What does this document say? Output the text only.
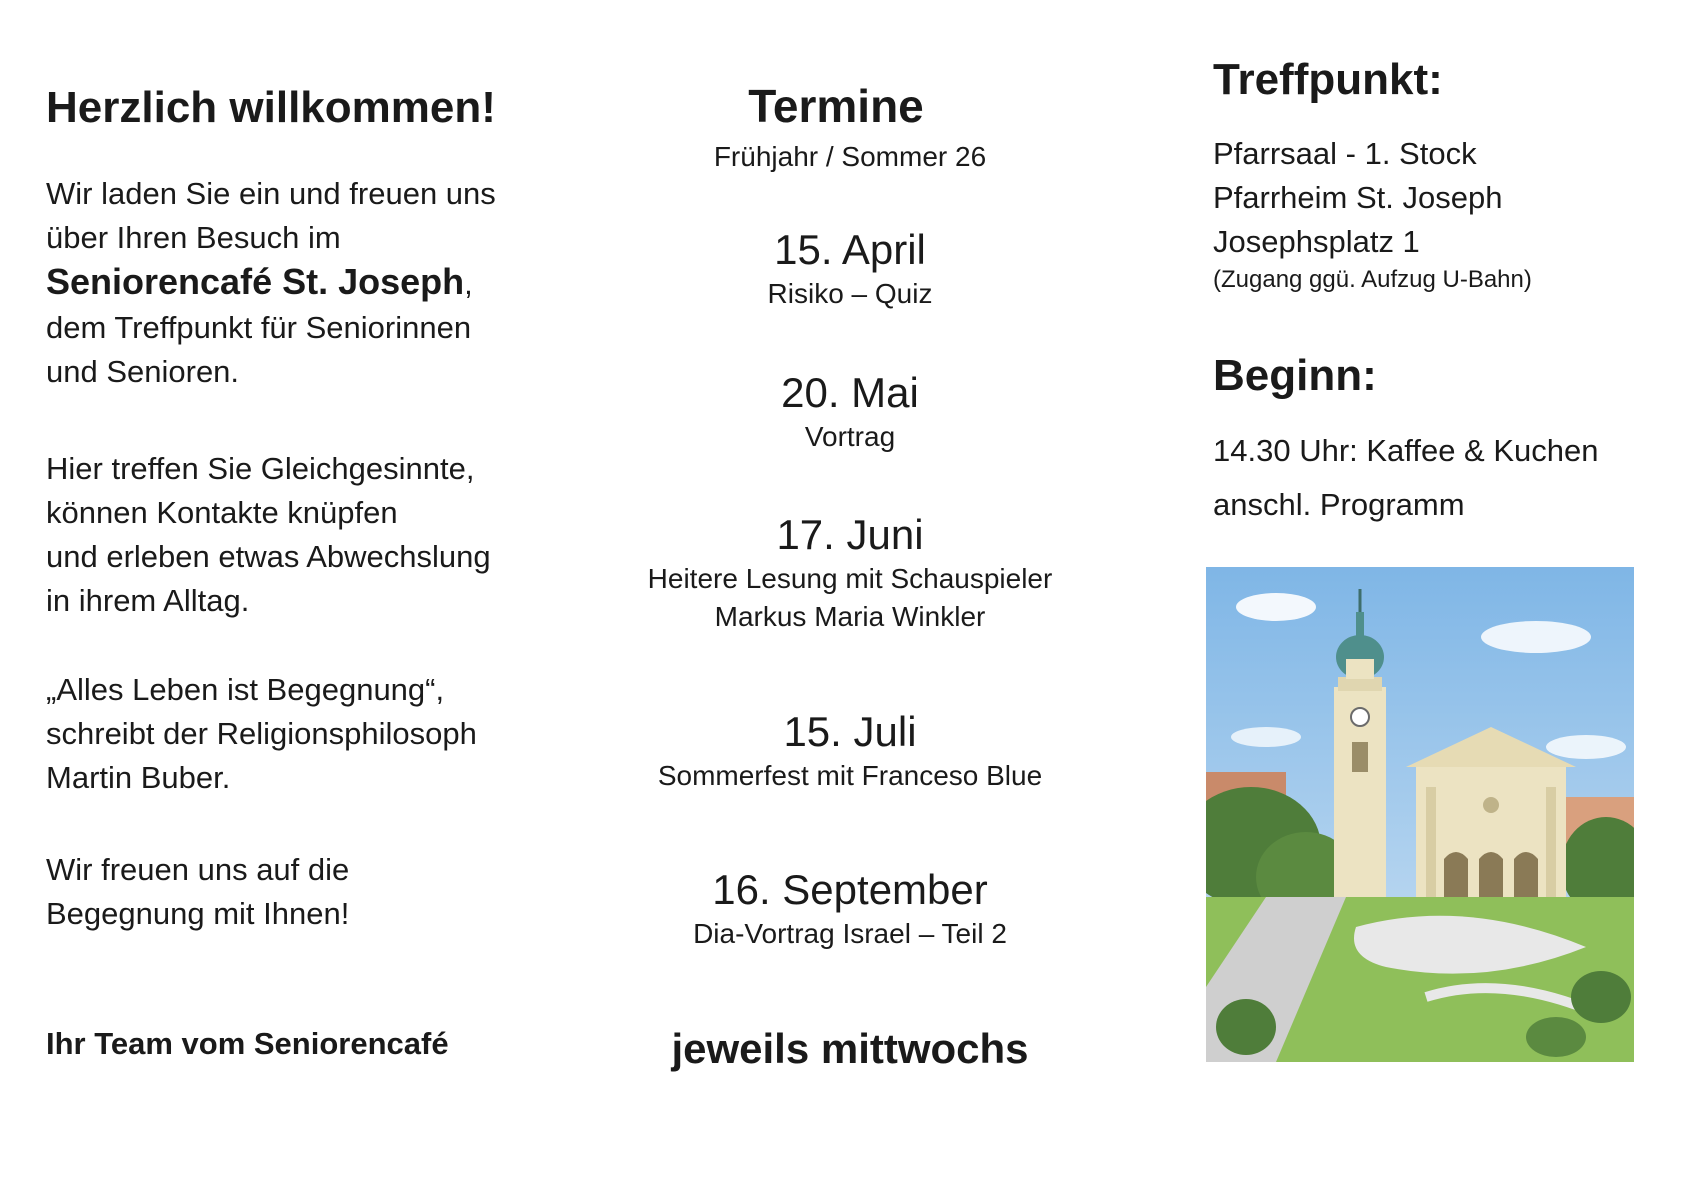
Herzlich willkommen!
Wir laden Sie ein und freuen uns
über Ihren Besuch im
Seniorencafé St. Joseph,
dem Treffpunkt für Seniorinnen
und Senioren.
Hier treffen Sie Gleichgesinnte,
können Kontakte knüpfen
und erleben etwas Abwechslung
in ihrem Alltag.
„Alles Leben ist Begegnung“,
schreibt der Religionsphilosoph
Martin Buber.
Wir freuen uns auf die
Begegnung mit Ihnen!
Ihr Team vom Seniorencafé
Termine
Frühjahr / Sommer 26
15. April
Risiko – Quiz
20. Mai
Vortrag
17. Juni
Heitere Lesung mit Schauspieler
Markus Maria Winkler
15. Juli
Sommerfest mit Franceso Blue
16. September
Dia-Vortrag Israel – Teil 2
jeweils mittwochs
Treffpunkt:
Pfarrsaal - 1. Stock
Pfarrheim St. Joseph
Josephsplatz 1
(Zugang ggü. Aufzug U-Bahn)
Beginn:
14.30 Uhr: Kaffee & Kuchen
anschl. Programm
